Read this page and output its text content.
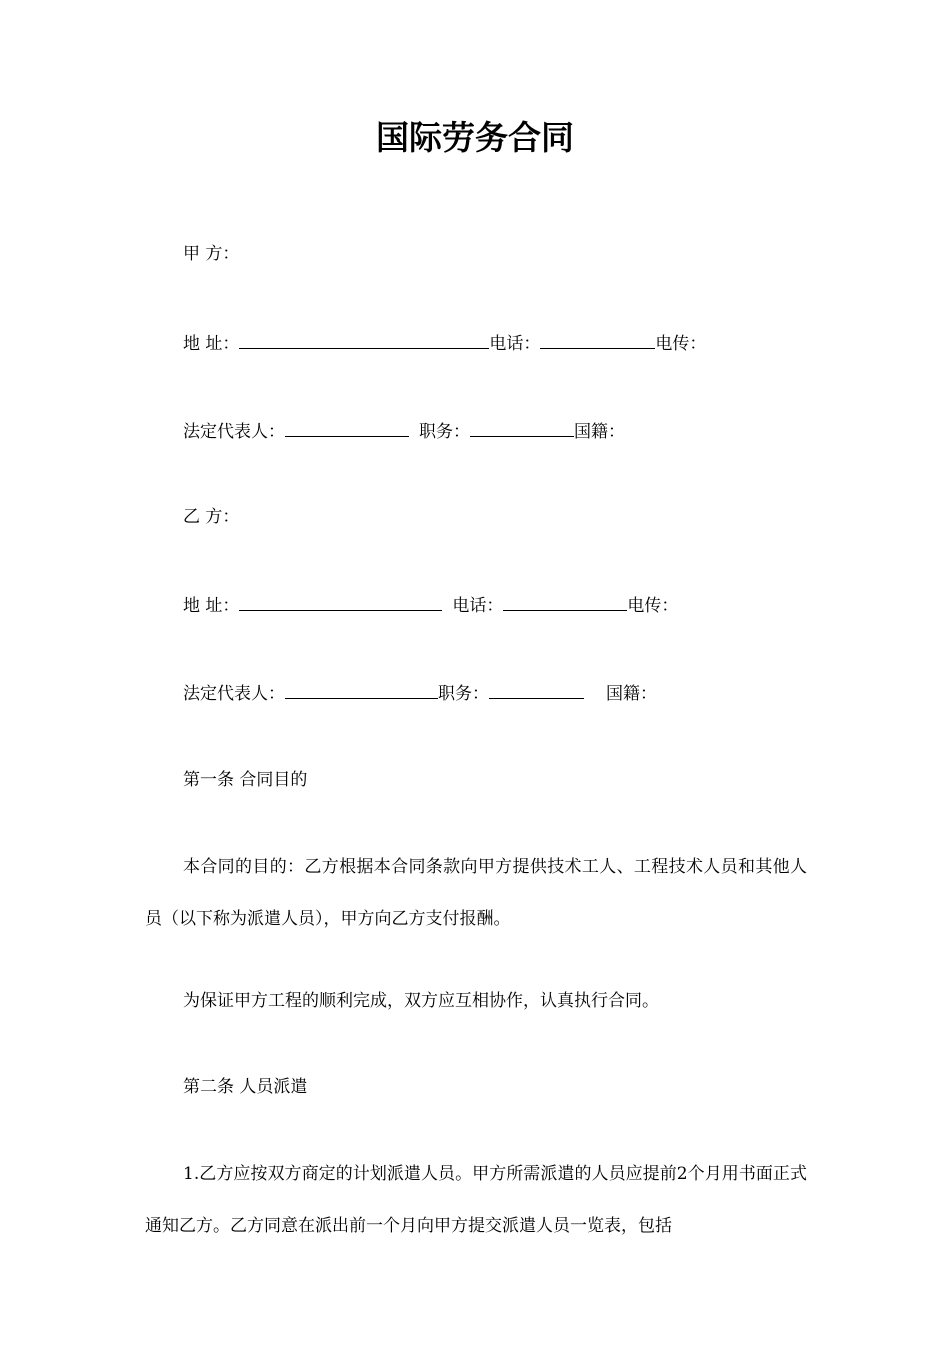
国际劳务合同
甲 方：
地 址：	电话：	电传：
法定代表人：	职务：	国籍：
乙 方：
地 址：	电话：	电传：
法定代表人：	职务：	国籍：
第一条 合同目的

本合同的目的：乙方根据本合同条款向甲方提供技术工人、工程技术人员和其他人员（以下称为派遣人员），甲方向乙方支付报酬。

为保证甲方工程的顺利完成，双方应互相协作，认真执行合同。

第二条 人员派遣

1.乙方应按双方商定的计划派遣人员。甲方所需派遣的人员应提前2个月用书面正式通知乙方。乙方同意在派出前一个月向甲方提交派遣人员一览表，包括
